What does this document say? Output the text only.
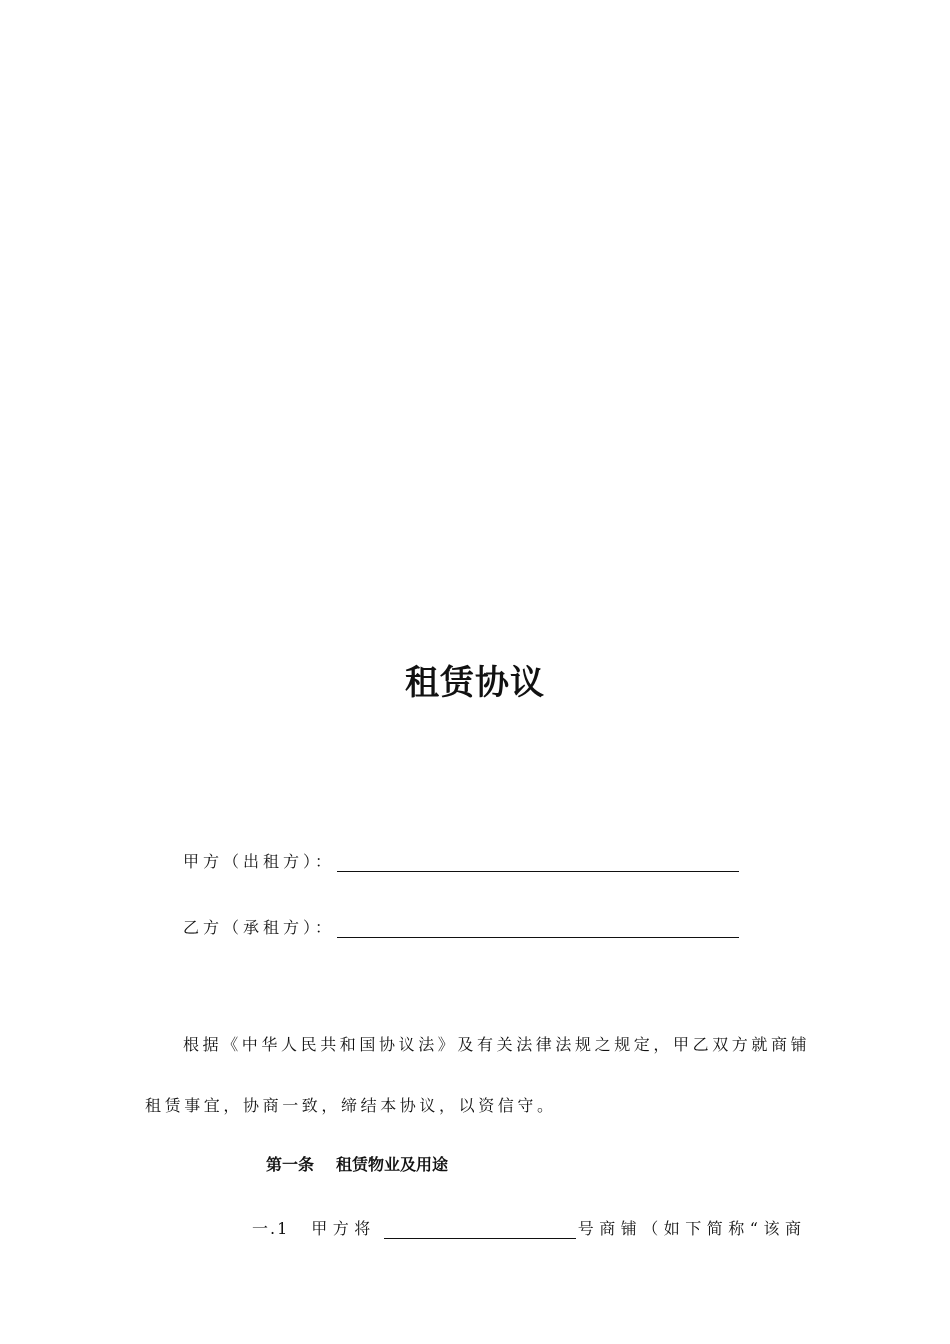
租赁协议
甲方（出租方）：
乙方（承租方）：
根据《中华人民共和国协议法》及有关法律法规之规定，甲乙双方就商铺
租赁事宜，协商一致，缔结本协议，以资信守。
第一条 租赁物业及用途
一.1 甲方将	号商铺（如下简称“该商
